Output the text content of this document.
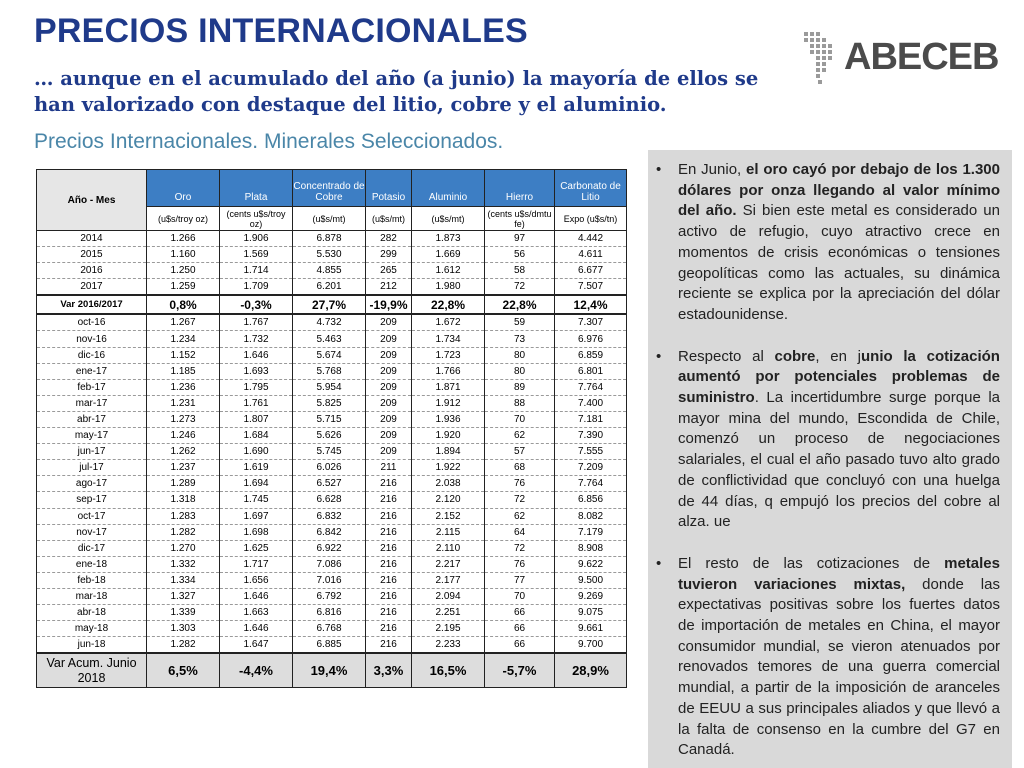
PRECIOS INTERNACIONALES
… aunque en el acumulado del año (a junio) la mayoría de ellos se han valorizado con destaque del litio, cobre y el aluminio.
Precios Internacionales. Minerales Seleccionados.
ABECEB
Año - Mes	Oro	Plata	Concentrado de Cobre	Potasio	Aluminio	Hierro	Carbonato de Litio
	(u$s/troy oz)	(cents u$s/troy oz)	(u$s/mt)	(u$s/mt)	(u$s/mt)	(cents u$s/dmtu fe)	Expo (u$s/tn)
2014	1.266	1.906	6.878	282	1.873	97	4.442
2015	1.160	1.569	5.530	299	1.669	56	4.611
2016	1.250	1.714	4.855	265	1.612	58	6.677
2017	1.259	1.709	6.201	212	1.980	72	7.507
Var 2016/2017	0,8%	-0,3%	27,7%	-19,9%	22,8%	22,8%	12,4%
oct-16	1.267	1.767	4.732	209	1.672	59	7.307
nov-16	1.234	1.732	5.463	209	1.734	73	6.976
dic-16	1.152	1.646	5.674	209	1.723	80	6.859
ene-17	1.185	1.693	5.768	209	1.766	80	6.801
feb-17	1.236	1.795	5.954	209	1.871	89	7.764
mar-17	1.231	1.761	5.825	209	1.912	88	7.400
abr-17	1.273	1.807	5.715	209	1.936	70	7.181
may-17	1.246	1.684	5.626	209	1.920	62	7.390
jun-17	1.262	1.690	5.745	209	1.894	57	7.555
jul-17	1.237	1.619	6.026	211	1.922	68	7.209
ago-17	1.289	1.694	6.527	216	2.038	76	7.764
sep-17	1.318	1.745	6.628	216	2.120	72	6.856
oct-17	1.283	1.697	6.832	216	2.152	62	8.082
nov-17	1.282	1.698	6.842	216	2.115	64	7.179
dic-17	1.270	1.625	6.922	216	2.110	72	8.908
ene-18	1.332	1.717	7.086	216	2.217	76	9.622
feb-18	1.334	1.656	7.016	216	2.177	77	9.500
mar-18	1.327	1.646	6.792	216	2.094	70	9.269
abr-18	1.339	1.663	6.816	216	2.251	66	9.075
may-18	1.303	1.646	6.768	216	2.195	66	9.661
jun-18	1.282	1.647	6.885	216	2.233	66	9.700
Var Acum. Junio 2018	6,5%	-4,4%	19,4%	3,3%	16,5%	-5,7%	28,9%
• En Junio, el oro cayó por debajo de los 1.300 dólares por onza llegando al valor mínimo del año. Si bien este metal es considerado un activo de refugio, cuyo atractivo crece en momentos de crisis económicas o tensiones geopolíticas como las actuales, su dinámica reciente se explica por la apreciación del dólar estadounidense.
• Respecto al cobre, en junio la cotización aumentó por potenciales problemas de suministro. La incertidumbre surge porque la mayor mina del mundo, Escondida de Chile, comenzó un proceso de negociaciones salariales, el cual el año pasado tuvo alto grado de conflictividad que concluyó con una huelga de 44 días, q empujó los precios del cobre al alza. ue
• El resto de las cotizaciones de metales tuvieron variaciones mixtas, donde las expectativas positivas sobre los fuertes datos de importación de metales en China, el mayor consumidor mundial, se vieron atenuados por renovados temores de una guerra comercial mundial, a partir de la imposición de aranceles de EEUU a sus principales aliados y que llevó a la falta de consenso en la cumbre del G7 en Canadá.
